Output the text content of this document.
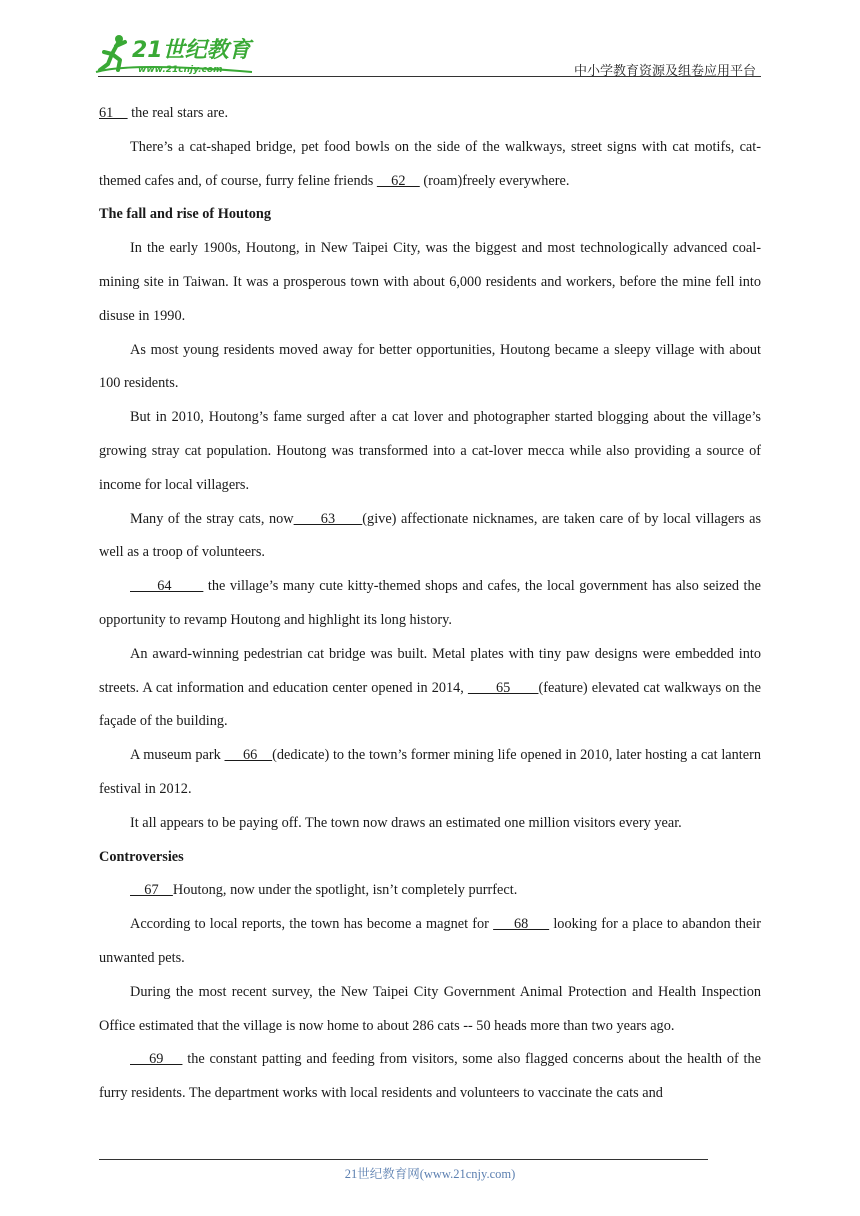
21世纪教育
www.21cnjy.com	中小学教育资源及组卷应用平台

61     the real stars are.

There’s a cat-shaped bridge, pet food bowls on the side of the walkways, street signs with cat motifs, cat-themed cafes and, of course, furry feline friends     62     (roam)freely everywhere.

The fall and rise of Houtong

In the early 1900s, Houtong, in New Taipei City, was the biggest and most technologically advanced coal-mining site in Taiwan. It was a prosperous town with about 6,000 residents and workers, before the mine fell into disuse in 1990.

As most young residents moved away for better opportunities, Houtong became a sleepy village with about 100 residents.

But in 2010, Houtong’s fame surged after a cat lover and photographer started blogging about the village’s growing stray cat population. Houtong was transformed into a cat-lover mecca while also providing a source of income for local villagers.

Many of the stray cats, now      63      (give) affectionate nicknames, are taken care of by local villagers as well as a troop of volunteers.

64        the village’s many cute kitty-themed shops and cafes, the local government has also seized the opportunity to revamp Houtong and highlight its long history.

An award-winning pedestrian cat bridge was built. Metal plates with tiny paw designs were embedded into streets. A cat information and education center opened in 2014,        65       (feature) elevated cat walkways on the façade of the building.

A museum park      66    (dedicate) to the town’s former mining life opened in 2010, later hosting a cat lantern festival in 2012.

It all appears to be paying off. The town now draws an estimated one million visitors every year.

Controversies

67    Houtong, now under the spotlight, isn’t completely purrfect.

According to local reports, the town has become a magnet for      68      looking for a place to abandon their unwanted pets.

During the most recent survey, the New Taipei City Government Animal Protection and Health Inspection Office estimated that the village is now home to about 286 cats -- 50 heads more than two years ago.

69     the constant patting and feeding from visitors, some also flagged concerns about the health of the furry residents. The department works with local residents and volunteers to vaccinate the cats and

21世纪教育网(www.21cnjy.com)
